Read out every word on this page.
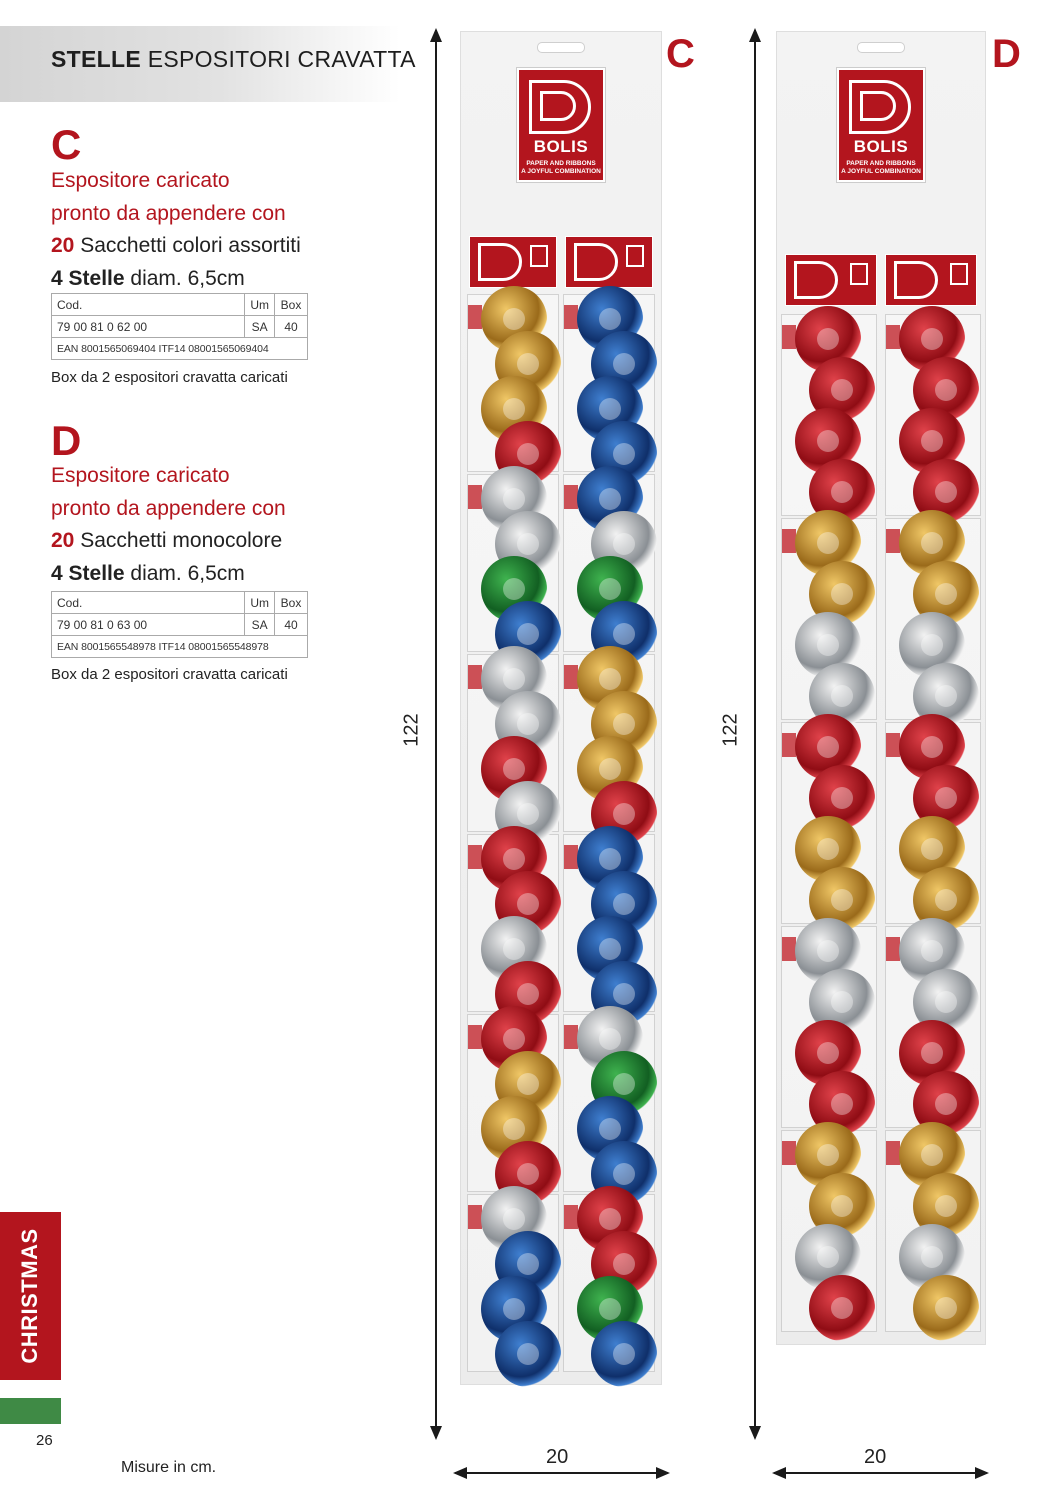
STELLE ESPOSITORI CRAVATTA
C
Espositore caricato
pronto da appendere con
20 Sacchetti colori assortiti
4 Stelle diam. 6,5cm
Cod.	Um	Box
79 00 81 0 62 00	SA	40
EAN 8001565069404 ITF14 08001565069404		
Box da 2 espositori cravatta caricati
D
Espositore caricato
pronto da appendere con
20 Sacchetti monocolore
4 Stelle diam. 6,5cm
Cod.	Um	Box
79 00 81 0 63 00	SA	40
EAN 8001565548978 ITF14 08001565548978		
Box da 2 espositori cravatta caricati
CHRISTMAS
26
Misure in cm.
122	122
20	20
BOLIS
PAPER AND RIBBONS
A JOYFUL COMBINATION
C
BOLIS
PAPER AND RIBBONS
A JOYFUL COMBINATION
D
